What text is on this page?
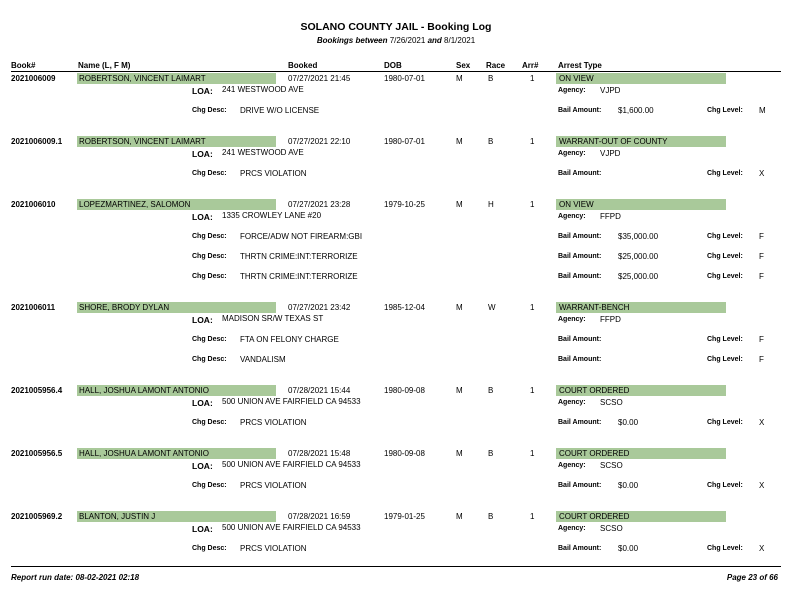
SOLANO COUNTY JAIL - Booking Log
Bookings between 7/26/2021 and 8/1/2021
Book#	Name (L, F M)	Booked	DOB	Sex Race Arr# Arrest Type
2021006009	ROBERTSON, VINCENT LAIMART	07/27/2021 21:45	1980-07-01	M	B	1	ON VIEW
LOA: 241 WESTWOOD AVE	Agency: VJPD
Chg Desc: DRIVE W/O LICENSE	Bail Amount: $1,600.00	Chg Level: M
2021006009.1 ROBERTSON, VINCENT LAIMART	07/27/2021 22:10	1980-07-01	M	B	1	WARRANT-OUT OF COUNTY
LOA: 241 WESTWOOD AVE	Agency: VJPD
Chg Desc: PRCS VIOLATION	Bail Amount:	Chg Level: X
2021006010	LOPEZMARTINEZ, SALOMON	07/27/2021 23:28	1979-10-25	M	H	1	ON VIEW
LOA: 1335 CROWLEY LANE #20	Agency: FFPD
Chg Desc: FORCE/ADW NOT FIREARM:GBI	Bail Amount: $35,000.00	Chg Level: F
Chg Desc: THRTN CRIME:INT:TERRORIZE	Bail Amount: $25,000.00	Chg Level: F
Chg Desc: THRTN CRIME:INT:TERRORIZE	Bail Amount: $25,000.00	Chg Level: F
2021006011	SHORE, BRODY DYLAN	07/27/2021 23:42	1985-12-04	M	W	1	WARRANT-BENCH
LOA: MADISON SR/W TEXAS ST	Agency: FFPD
Chg Desc: FTA ON FELONY CHARGE	Bail Amount:	Chg Level: F
Chg Desc: VANDALISM	Bail Amount:	Chg Level: F
2021005956.4 HALL, JOSHUA LAMONT ANTONIO	07/28/2021 15:44	1980-09-08	M	B	1	COURT ORDERED
LOA: 500 UNION AVE FAIRFIELD CA 94533	Agency: SCSO
Chg Desc: PRCS VIOLATION	Bail Amount: $0.00	Chg Level: X
2021005956.5 HALL, JOSHUA LAMONT ANTONIO	07/28/2021 15:48	1980-09-08	M	B	1	COURT ORDERED
LOA: 500 UNION AVE FAIRFIELD CA 94533	Agency: SCSO
Chg Desc: PRCS VIOLATION	Bail Amount: $0.00	Chg Level: X
2021005969.2 BLANTON, JUSTIN J	07/28/2021 16:59	1979-01-25	M	B	1	COURT ORDERED
LOA: 500 UNION AVE FAIRFIELD CA 94533	Agency: SCSO
Chg Desc: PRCS VIOLATION	Bail Amount: $0.00	Chg Level: X
Report run date: 08-02-2021 02:18	Page 23 of 66
